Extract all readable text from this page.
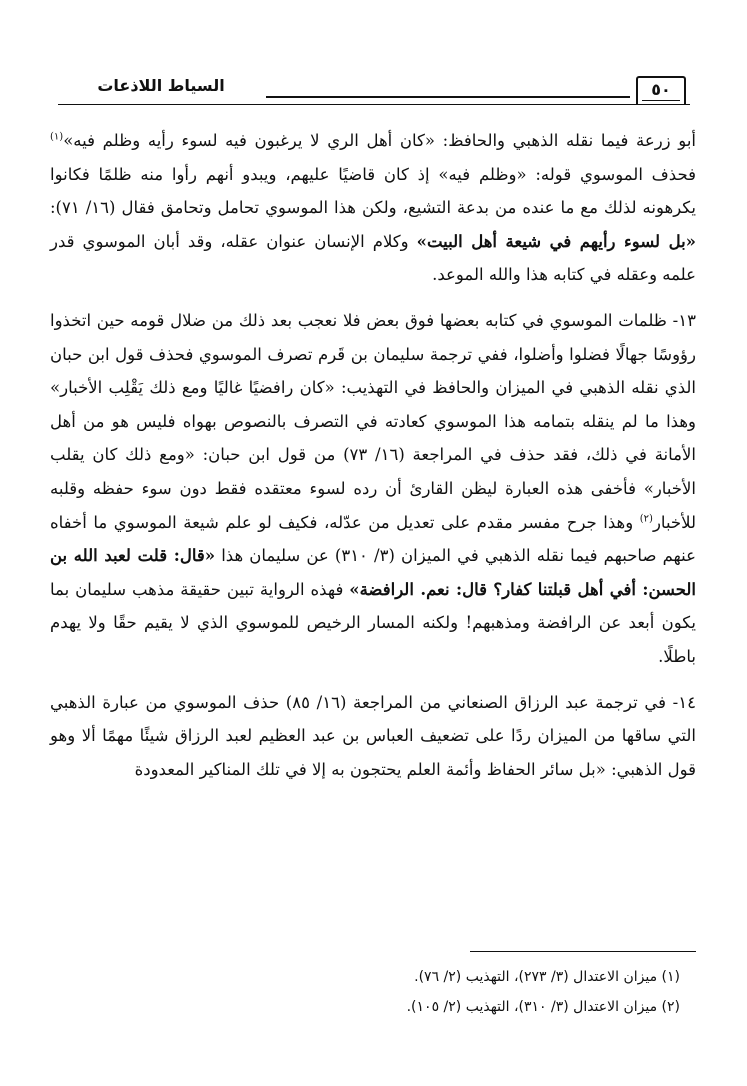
٥٠
السياط اللاذعات

أبو زرعة فيما نقله الذهبي والحافظ: «كان أهل الري لا يرغبون فيه لسوء رأيه وظلم فيه»$^{(١)}$ فحذف الموسوي قوله: «وظلم فيه» إذ كان قاضيًا عليهم، ويبدو أنهم رأوا منه ظلمًا فكانوا يكرهونه لذلك مع ما عنده من بدعة التشيع، ولكن هذا الموسوي تحامل وتحامق فقال (١٦/ ٧١): «بل لسوء رأيهم في شيعة أهل البيت» وكلام الإنسان عنوان عقله، وقد أبان الموسوي قدر علمه وعقله في كتابه هذا والله الموعد.

١٣- ظلمات الموسوي في كتابه بعضها فوق بعض فلا نعجب بعد ذلك من ضلال قومه حين اتخذوا رؤوسًا جهالًا فضلوا وأضلوا، ففي ترجمة سليمان بن قَرم تصرف الموسوي فحذف قول ابن حبان الذي نقله الذهبي في الميزان والحافظ في التهذيب: «كان رافضيًا غاليًا ومع ذلك يَقْلِب الأخبار» وهذا ما لم ينقله بتمامه هذا الموسوي كعادته في التصرف بالنصوص بهواه فليس هو من أهل الأمانة في ذلك، فقد حذف في المراجعة (١٦/ ٧٣) من قول ابن حبان: «ومع ذلك كان يقلب الأخبار» فأخفى هذه العبارة ليظن القارئ أن رده لسوء معتقده فقط دون سوء حفظه وقلبه للأخبار$^{(٢)}$ وهذا جرح مفسر مقدم على تعديل من عدّله، فكيف لو علم شيعة الموسوي ما أخفاه عنهم صاحبهم فيما نقله الذهبي في الميزان (٣/ ٣١٠) عن سليمان هذا «قال: قلت لعبد الله بن الحسن: أفي أهل قبلتنا كفار؟ قال: نعم. الرافضة» فهذه الرواية تبين حقيقة مذهب سليمان بما يكون أبعد عن الرافضة ومذهبهم! ولكنه المسار الرخيص للموسوي الذي لا يقيم حقًا ولا يهدم باطلًا.

١٤- في ترجمة عبد الرزاق الصنعاني من المراجعة (١٦/ ٨٥) حذف الموسوي من عبارة الذهبي التي ساقها من الميزان ردًا على تضعيف العباس بن عبد العظيم لعبد الرزاق شيئًا مهمًا ألا وهو قول الذهبي: «بل سائر الحفاظ وأئمة العلم يحتجون به إلا في تلك المناكير المعدودة

(١) ميزان الاعتدال (٣/ ٢٧٣)، التهذيب (٢/ ٧٦).
(٢) ميزان الاعتدال (٣/ ٣١٠)، التهذيب (٢/ ١٠٥).
